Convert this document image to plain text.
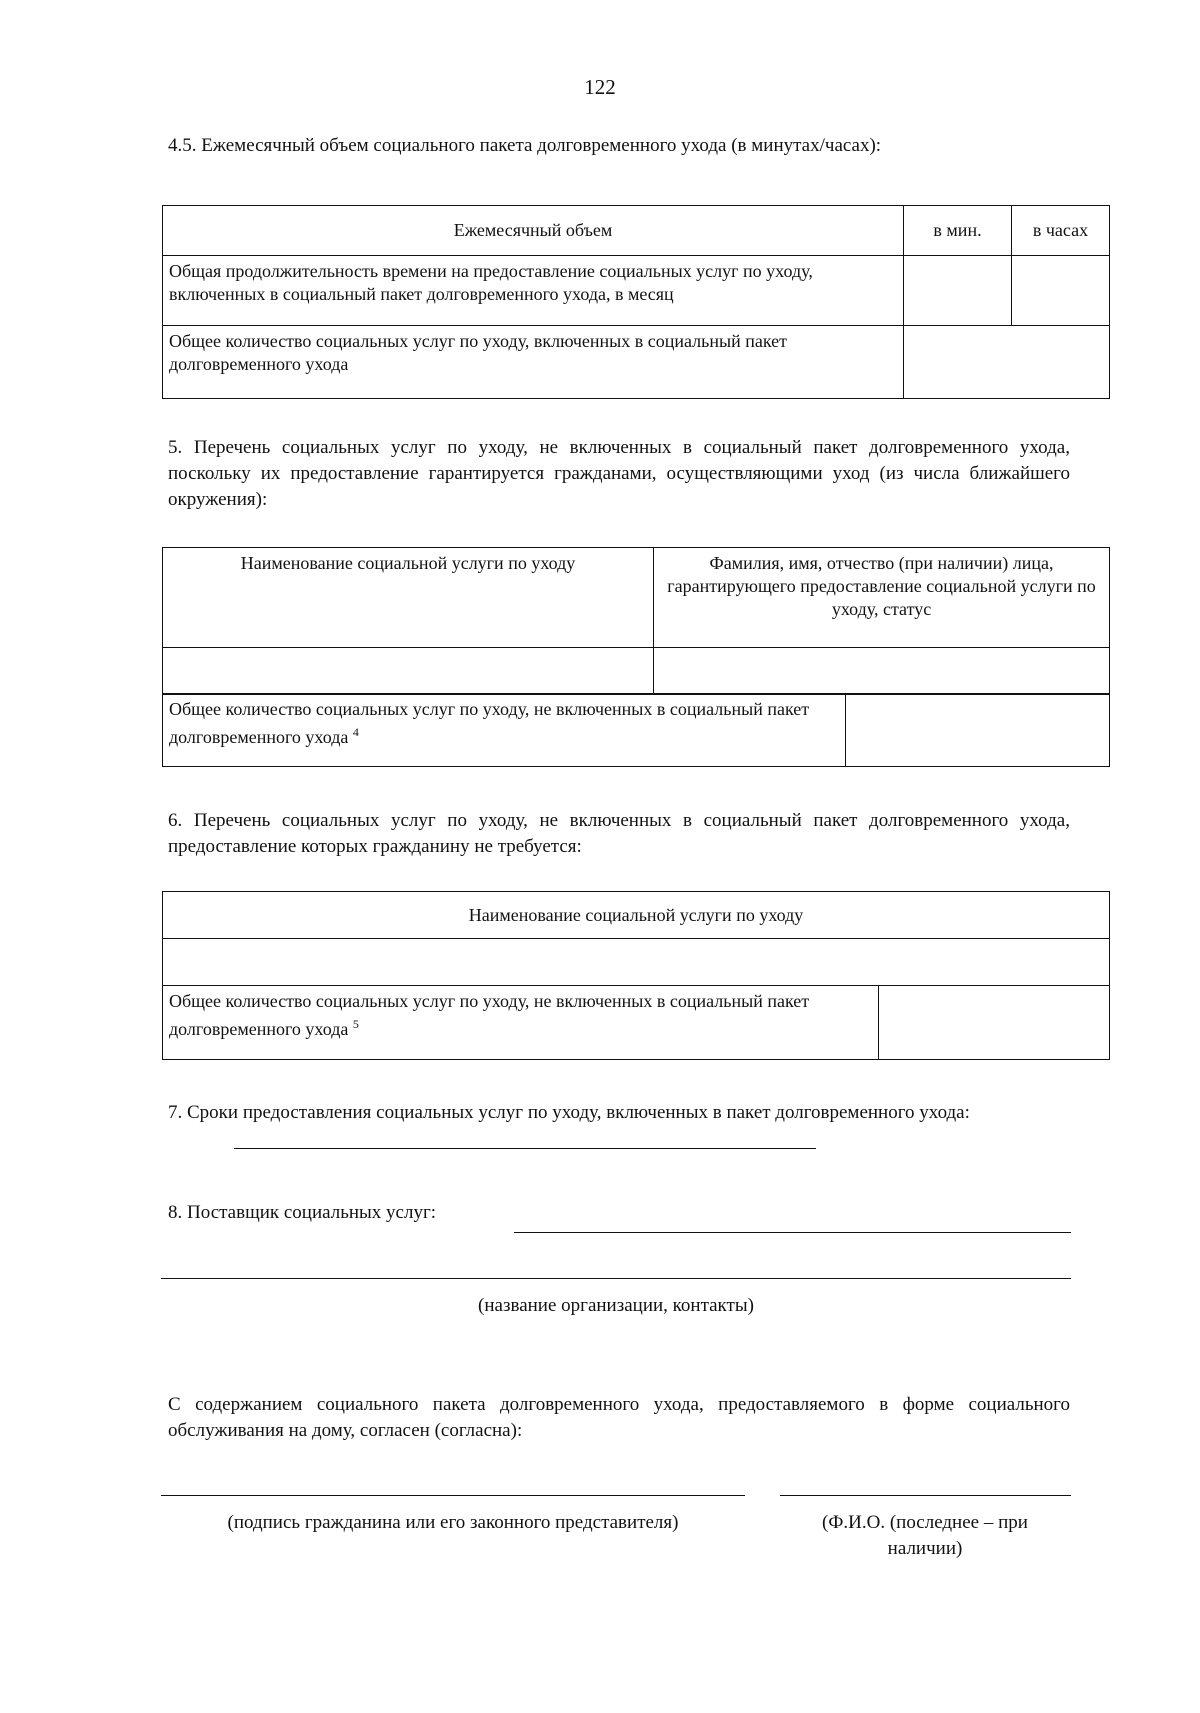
122
4.5. Ежемесячный объем социального пакета долговременного ухода (в минутах/часах):
Ежемесячный объем	в мин.	в часах
Общая продолжительность времени на предоставление социальных услуг по уходу, включенных в социальный пакет долговременного ухода, в месяц		
Общее количество социальных услуг по уходу, включенных в социальный пакет долговременного ухода		
5. Перечень социальных услуг по уходу, не включенных в социальный пакет долговременного ухода, поскольку их предоставление гарантируется гражданами, осуществляющими уход (из числа ближайшего окружения):
Наименование социальной услуги по уходу	Фамилия, имя, отчество (при наличии) лица, гарантирующего предоставление социальной услуги по уходу, статус

Общее количество социальных услуг по уходу, не включенных в социальный пакет долговременного ухода $^4$	
6. Перечень социальных услуг по уходу, не включенных в социальный пакет долговременного ухода, предоставление которых гражданину не требуется:
Наименование социальной услуги по уходу

Общее количество социальных услуг по уходу, не включенных в социальный пакет долговременного ухода $^5$	
7. Сроки предоставления социальных услуг по уходу, включенных в пакет долговременного ухода:
8. Поставщик социальных услуг:
(название организации, контакты)
С содержанием социального пакета долговременного ухода, предоставляемого в форме социального обслуживания на дому, согласен (согласна):
(подпись гражданина или его законного представителя)	(Ф.И.О. (последнее – при наличии)
